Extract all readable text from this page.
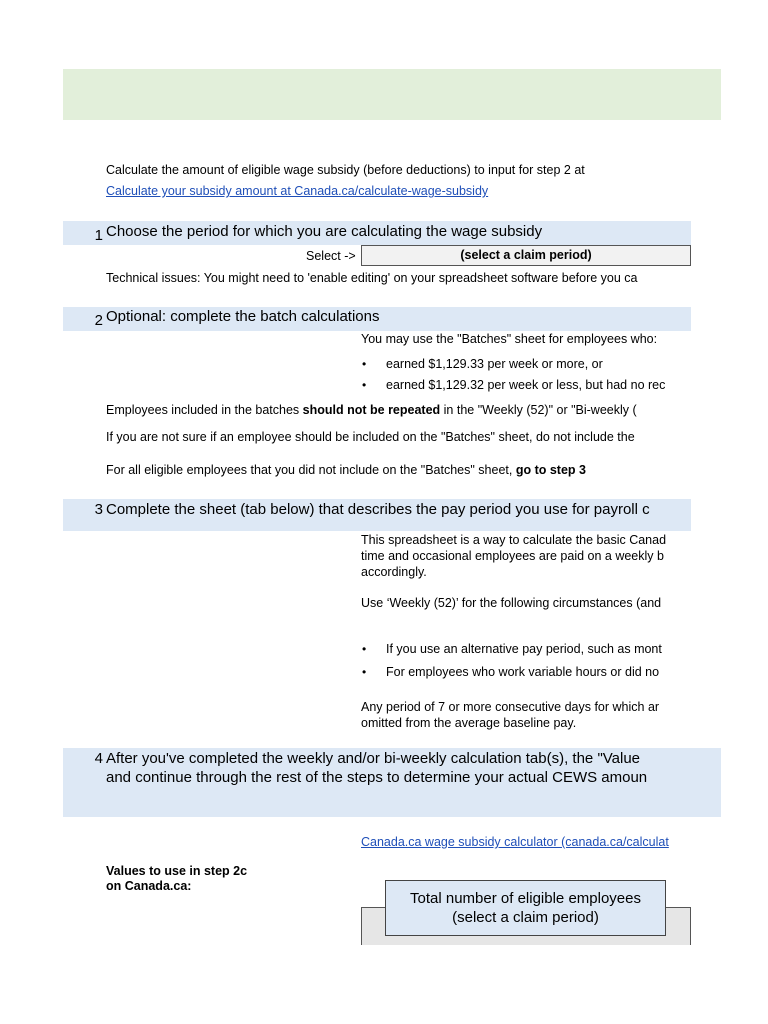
Calculate the amount of eligible wage subsidy (before deductions) to input for step 2 at
Calculate your subsidy amount at Canada.ca/calculate-wage-subsidy
1 Choose the period for which you are calculating the wage subsidy
Select ->	(select a claim period)
Technical issues: You might need to 'enable editing' on your spreadsheet software before you ca
2 Optional: complete the batch calculations
You may use the "Batches" sheet for employees who:
• earned $1,129.33 per week or more, or
• earned $1,129.32 per week or less, but had no rec
Employees included in the batches should not be repeated in the "Weekly (52)" or "Bi-weekly (
If you are not sure if an employee should be included on the "Batches" sheet, do not include the
For all eligible employees that you did not include on the "Batches" sheet, go to step 3
3 Complete the sheet (tab below) that describes the pay period you use for payroll c
This spreadsheet is a way to calculate the basic Canad
time and occasional employees are paid on a weekly b
accordingly.
Use ‘Weekly (52)’ for the following circumstances (and
• If you use an alternative pay period, such as mont
• For employees who work variable hours or did no
Any period of 7 or more consecutive days for which ar
omitted from the average baseline pay.
4 After you've completed the weekly and/or bi-weekly calculation tab(s), the "Value
and continue through the rest of the steps to determine your actual CEWS amoun
Canada.ca wage subsidy calculator (canada.ca/calculat
Values to use in step 2c
on Canada.ca:
Total number of eligible employees
(select a claim period)
